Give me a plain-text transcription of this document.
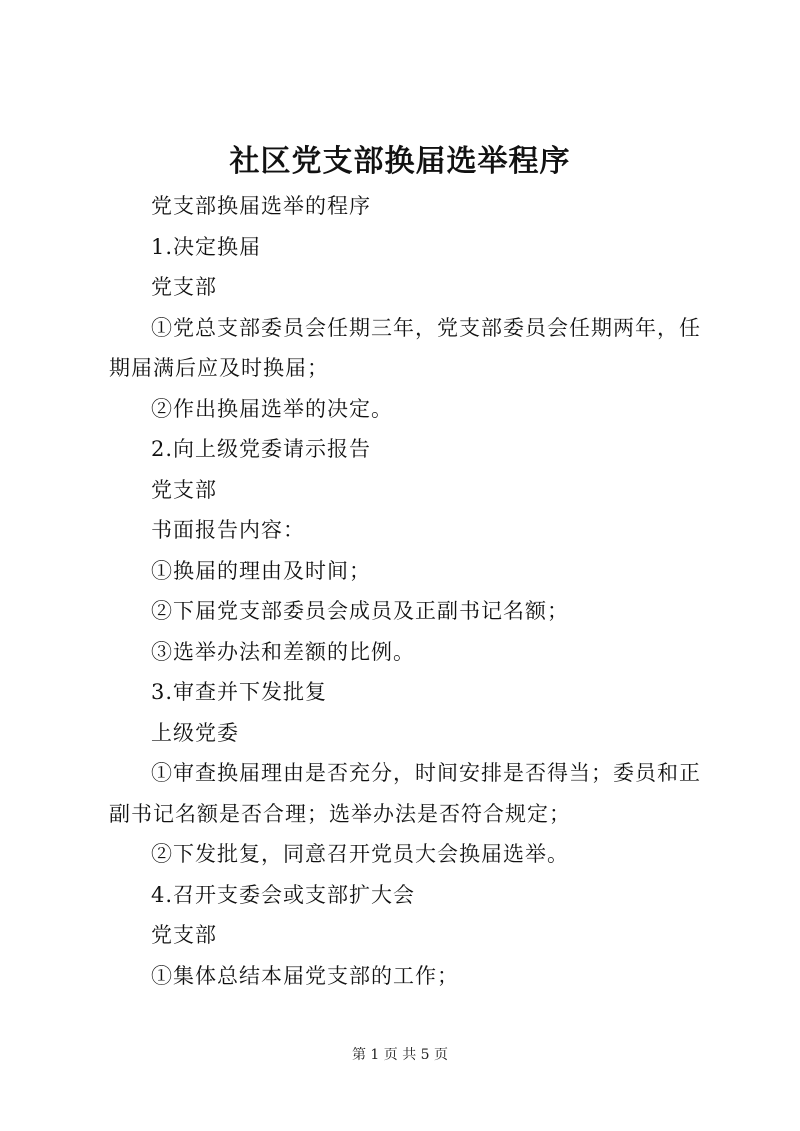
社区党支部换届选举程序

党支部换届选举的程序

1.决定换届

党支部

①党总支部委员会任期三年，党支部委员会任期两年，任期届满后应及时换届；

②作出换届选举的决定。

2.向上级党委请示报告

党支部

书面报告内容：

①换届的理由及时间；

②下届党支部委员会成员及正副书记名额；

③选举办法和差额的比例。

3.审查并下发批复

上级党委

①审查换届理由是否充分，时间安排是否得当；委员和正副书记名额是否合理；选举办法是否符合规定；

②下发批复，同意召开党员大会换届选举。

4.召开支委会或支部扩大会

党支部

①集体总结本届党支部的工作；

第 1 页 共 5 页
